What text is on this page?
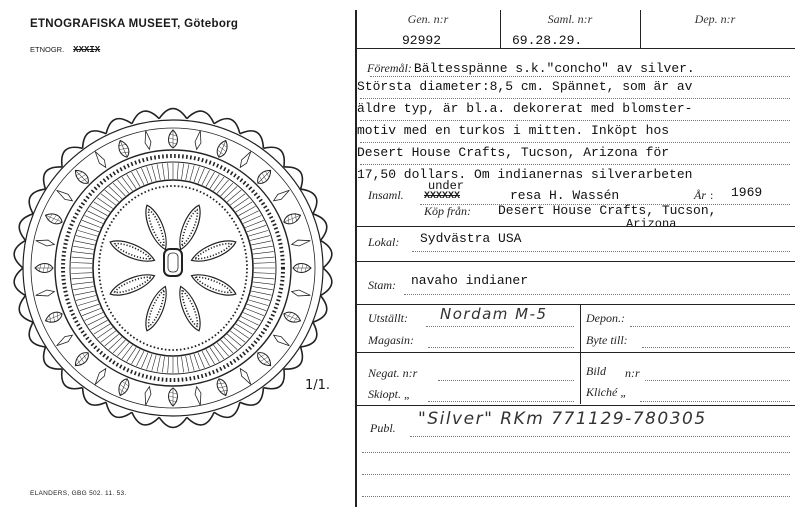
ETNOGRAFISKA MUSEET, Göteborg
ETNOGR. XXXIX
1/1.
ELANDERS, GBG 502. 11. 53.
Gen. n:r
92992
Saml. n:r
69.28.29.
Dep. n:r
Föremål: Bältesspänne s.k."concho" av silver.
Största diameter:8,5 cm. Spännet, som är av
äldre typ, är bl.a. dekorerat med blomster-
motiv med en turkos i mitten. Inköpt hos
Desert House Crafts, Tucson, Arizona för
17,50 dollars. Om indianernas silverarbeten
Insaml.
under
XXXXXX	resa H. Wassén	År : 1969
Köp från: Desert House Crafts, Tucson,
Arizona
Lokal: Sydvästra USA
Stam: navaho indianer
Utställt: Nordam M-5	Depon.:
Magasin:	Byte till:
Negat. n:r	Bild n:r
Skiopt. „	Kliché „
Publ. "Silver" RKm 771129-780305
